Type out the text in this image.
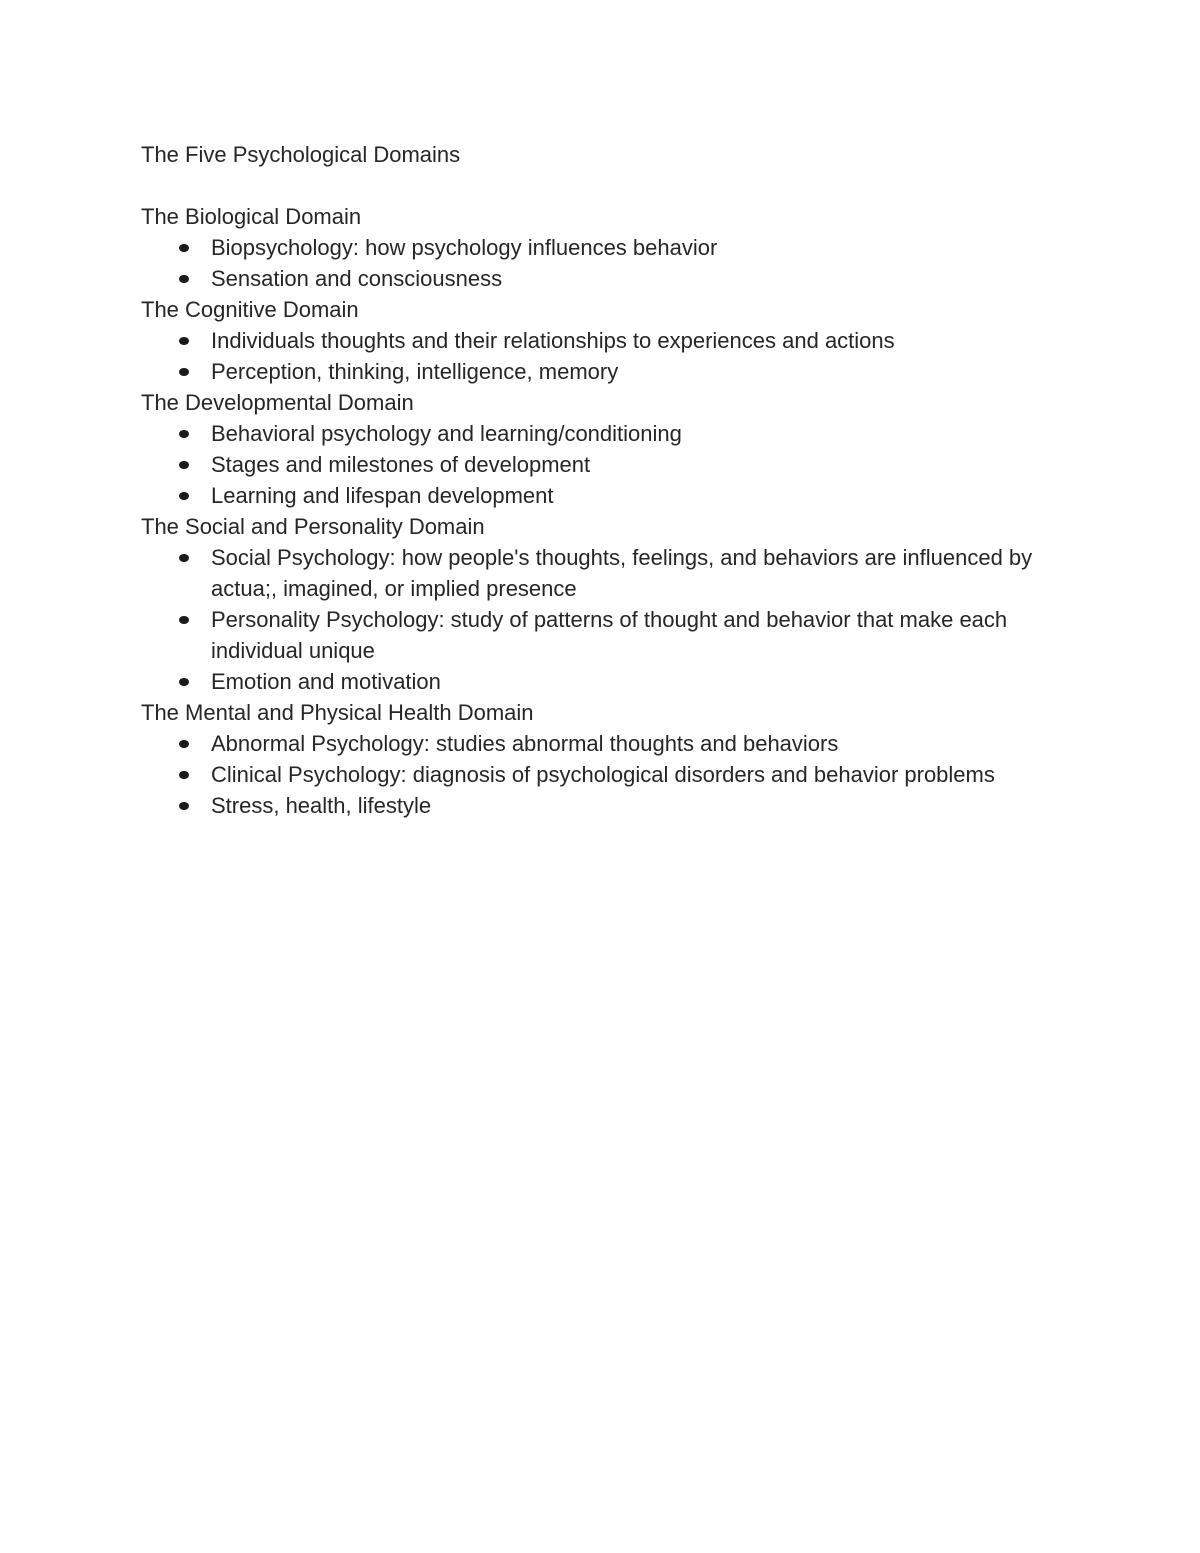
The Five Psychological Domains

The Biological Domain

Biopsychology: how psychology influences behavior
Sensation and consciousness

The Cognitive Domain

Individuals thoughts and their relationships to experiences and actions
Perception, thinking, intelligence, memory

The Developmental Domain

Behavioral psychology and learning/conditioning
Stages and milestones of development
Learning and lifespan development

The Social and Personality Domain

Social Psychology: how people's thoughts, feelings, and behaviors are influenced by actua;, imagined, or implied presence
Personality Psychology: study of patterns of thought and behavior that make each individual unique
Emotion and motivation

The Mental and Physical Health Domain

Abnormal Psychology: studies abnormal thoughts and behaviors
Clinical Psychology: diagnosis of psychological disorders and behavior problems
Stress, health, lifestyle
